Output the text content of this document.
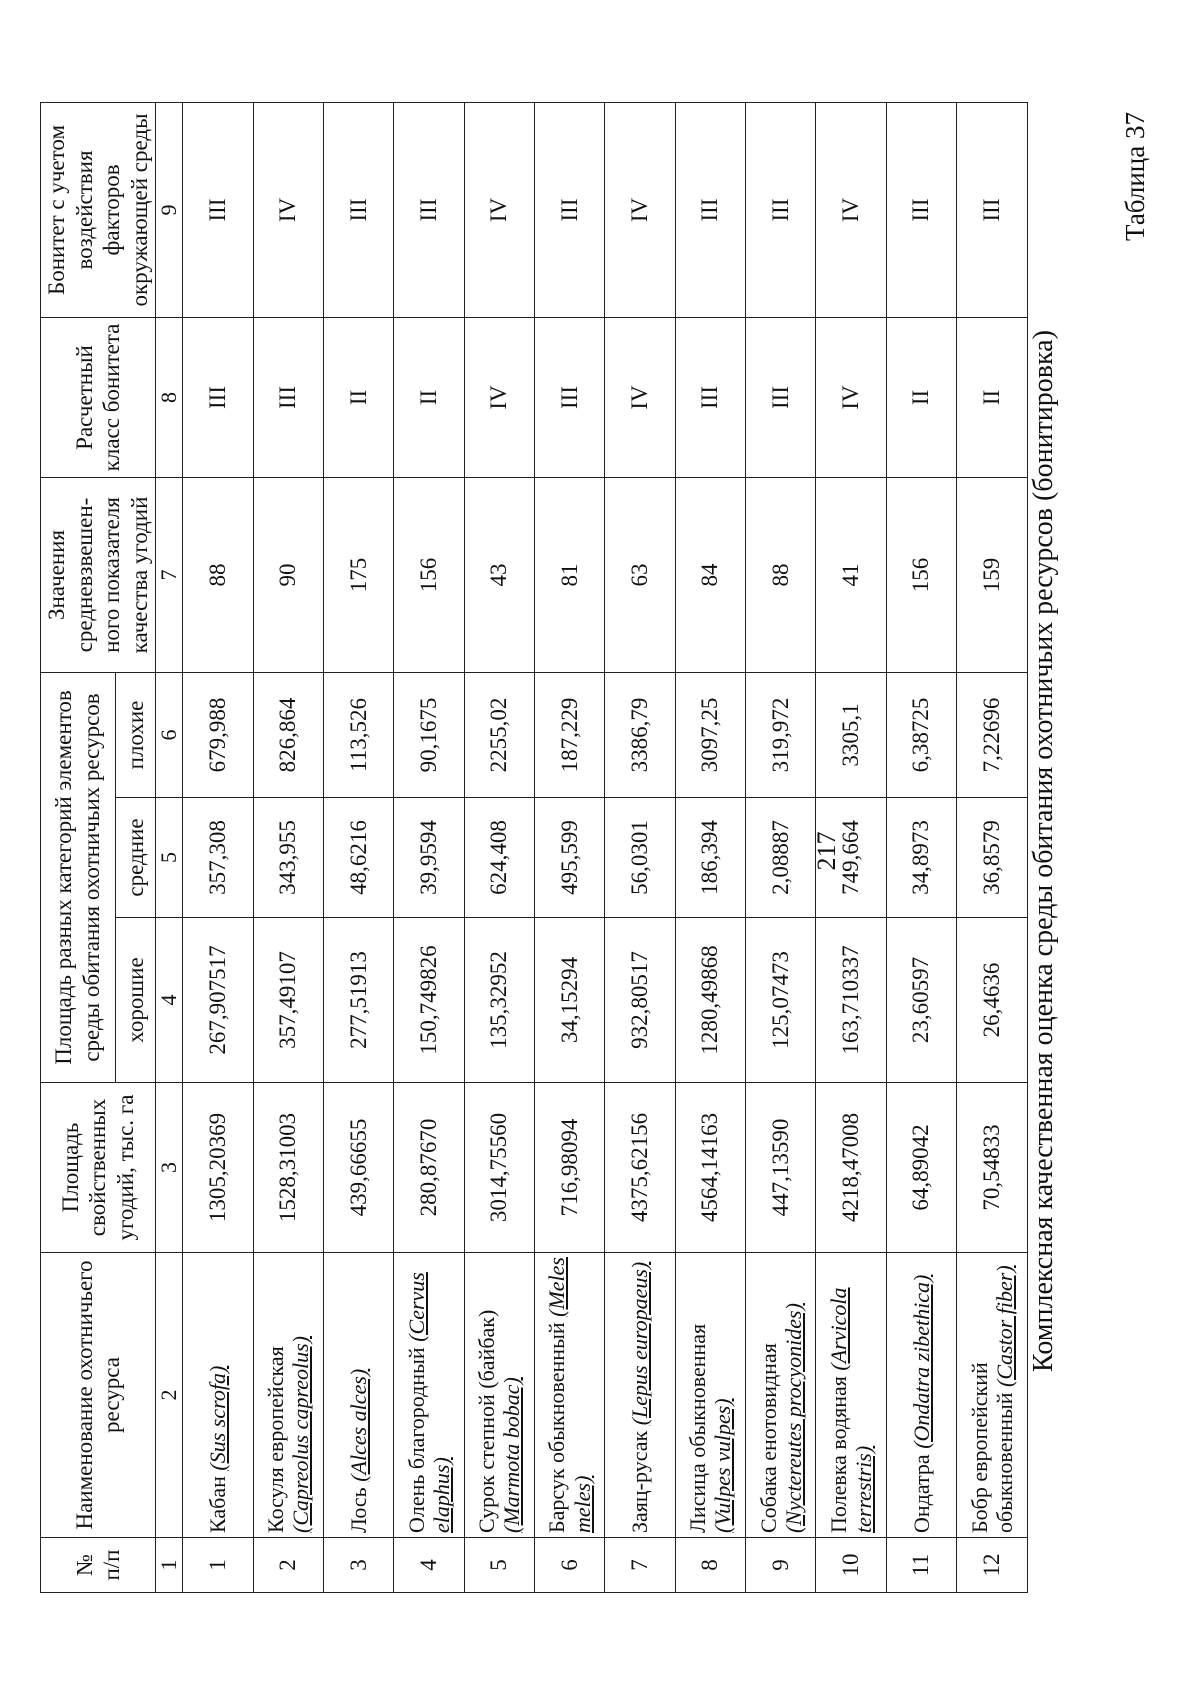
217
Таблица 37
Комплексная качественная оценка среды обитания охотничьих ресурсов (бонитировка)
№ п/п	Наименование охотничьего ресурса	Площадь свойственных угодий, тыс. га	Площадь разных категорий элементов среды обитания охотничьих ресурсов			Значения средневзвешен-ного показателя качества угодий	Расчетный класс бонитета	Бонитет с учетом воздействия факторов окружающей среды
			хорошие	средние	плохие			
1	2	3	4	5	6	7	8	9
1	Кабан (Sus scrofa)	1305,20369	267,907517	357,308	679,988	88	III	III
2	Косуля европейская (Capreolus capreolus)	1528,31003	357,49107	343,955	826,864	90	III	IV
3	Лось (Alces alces)	439,66655	277,51913	48,6216	113,526	175	II	III
4	Олень благородный (Cervus elaphus)	280,87670	150,749826	39,9594	90,1675	156	II	III
5	Сурок степной (байбак) (Marmota bobac)	3014,75560	135,32952	624,408	2255,02	43	IV	IV
6	Барсук обыкновенный (Meles meles)	716,98094	34,15294	495,599	187,229	81	III	III
7	Заяц-русак (Lepus europaeus)	4375,62156	932,80517	56,0301	3386,79	63	IV	IV
8	Лисица обыкновенная (Vulpes vulpes)	4564,14163	1280,49868	186,394	3097,25	84	III	III
9	Собака енотовидная (Nyctereutes procyonides)	447,13590	125,07473	2,08887	319,972	88	III	III
10	Полевка водяная (Arvicola terrestris)	4218,47008	163,710337	749,664	3305,1	41	IV	IV
11	Ондатра (Ondatra zibethica)	64,89042	23,60597	34,8973	6,38725	156	II	III
12	Бобр европейский обыкновенный (Castor fiber)	70,54833	26,4636	36,8579	7,22696	159	II	III
